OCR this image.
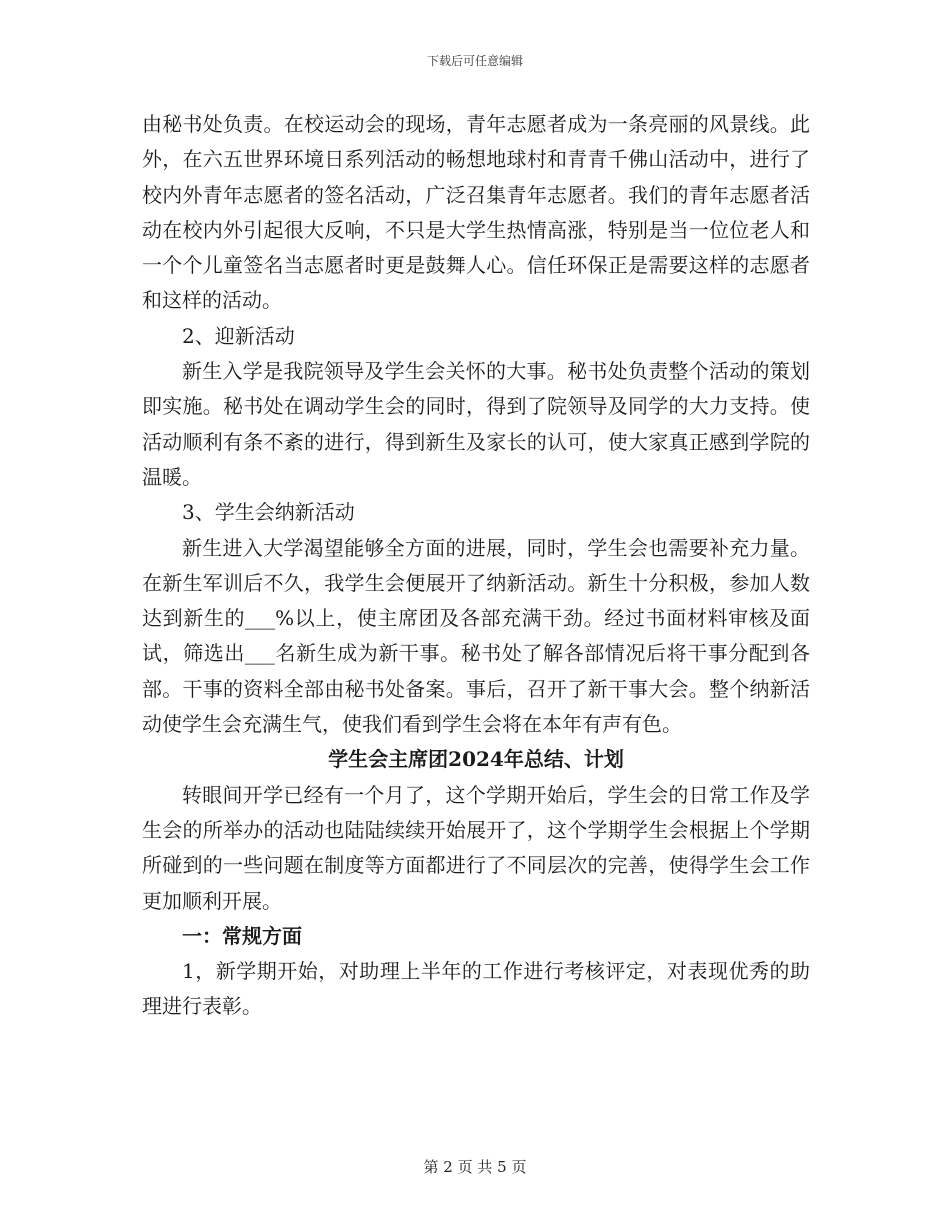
下载后可任意编辑

由秘书处负责。在校运动会的现场，青年志愿者成为一条亮丽的风景线。此外，在六五世界环境日系列活动的畅想地球村和青青千佛山活动中，进行了校内外青年志愿者的签名活动，广泛召集青年志愿者。我们的青年志愿者活动在校内外引起很大反响，不只是大学生热情高涨，特别是当一位位老人和一个个儿童签名当志愿者时更是鼓舞人心。信任环保正是需要这样的志愿者和这样的活动。

2、迎新活动

新生入学是我院领导及学生会关怀的大事。秘书处负责整个活动的策划即实施。秘书处在调动学生会的同时，得到了院领导及同学的大力支持。使活动顺利有条不紊的进行，得到新生及家长的认可，使大家真正感到学院的温暖。

3、学生会纳新活动

新生进入大学渴望能够全方面的进展，同时，学生会也需要补充力量。在新生军训后不久，我学生会便展开了纳新活动。新生十分积极，参加人数达到新生的___%以上，使主席团及各部充满干劲。经过书面材料审核及面试，筛选出___名新生成为新干事。秘书处了解各部情况后将干事分配到各部。干事的资料全部由秘书处备案。事后，召开了新干事大会。整个纳新活动使学生会充满生气，使我们看到学生会将在本年有声有色。

学生会主席团2024年总结、计划

转眼间开学已经有一个月了，这个学期开始后，学生会的日常工作及学生会的所举办的活动也陆陆续续开始展开了，这个学期学生会根据上个学期所碰到的一些问题在制度等方面都进行了不同层次的完善，使得学生会工作更加顺利开展。

一：常规方面

1，新学期开始，对助理上半年的工作进行考核评定，对表现优秀的助理进行表彰。

第 2 页 共 5 页
